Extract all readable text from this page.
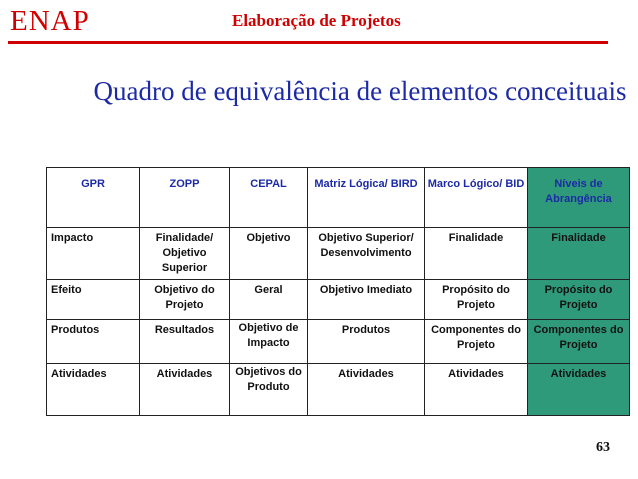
ENAP	Elaboração de Projetos
Quadro de equivalência de elementos conceituais
GPR	ZOPP	CEPAL	Matriz Lógica/ BIRD	Marco Lógico/ BID	Níveis de Abrangência
Impacto	Finalidade/ Objetivo Superior	Objetivo	Objetivo Superior/ Desenvolvimento	Finalidade	Finalidade
Efeito	Objetivo do Projeto	Geral	Objetivo Imediato	Propósito do Projeto	Propósito do Projeto
Produtos	Resultados	Objetivo de Impacto	Produtos	Componentes do Projeto	Componentes do Projeto
Atividades	Atividades	Objetivos do Produto	Atividades	Atividades	Atividades
63
